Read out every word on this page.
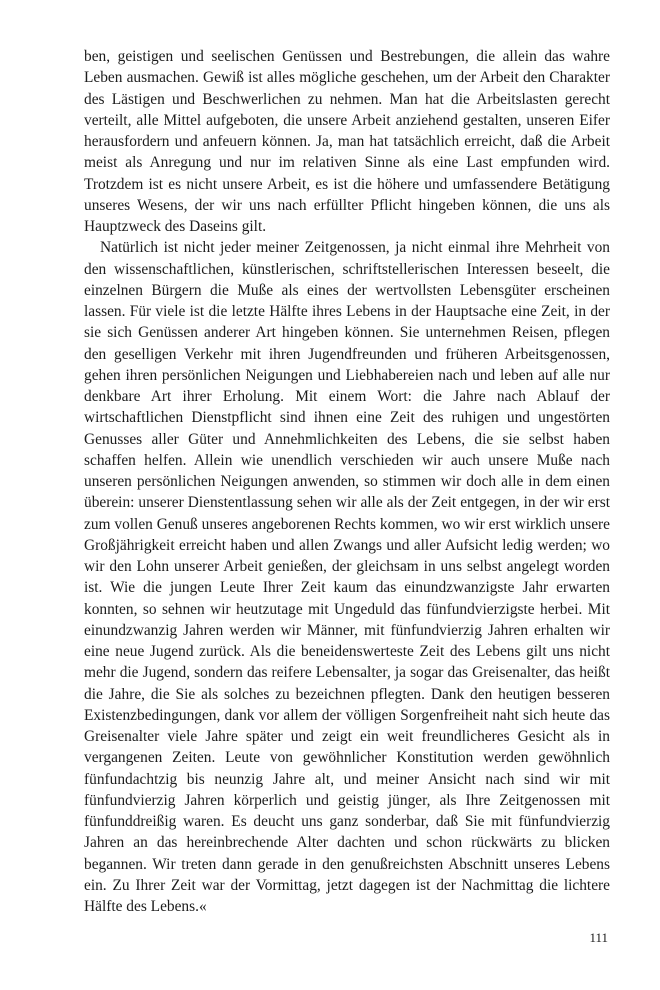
ben, geistigen und seelischen Genüssen und Bestrebungen, die allein das wahre Leben ausmachen. Gewiß ist alles mögliche geschehen, um der Arbeit den Charakter des Lästigen und Beschwerlichen zu nehmen. Man hat die Arbeitslasten gerecht verteilt, alle Mittel aufgeboten, die unsere Arbeit anziehend gestalten, unseren Eifer herausfordern und anfeuern können. Ja, man hat tatsächlich erreicht, daß die Arbeit meist als Anregung und nur im relativen Sinne als eine Last empfunden wird. Trotzdem ist es nicht unsere Arbeit, es ist die höhere und umfassendere Betätigung unseres Wesens, der wir uns nach erfüllter Pflicht hingeben können, die uns als Hauptzweck des Daseins gilt.

Natürlich ist nicht jeder meiner Zeitgenossen, ja nicht einmal ihre Mehrheit von den wissenschaftlichen, künstlerischen, schriftstellerischen Interessen beseelt, die einzelnen Bürgern die Muße als eines der wertvollsten Lebensgüter erscheinen lassen. Für viele ist die letzte Hälfte ihres Lebens in der Hauptsache eine Zeit, in der sie sich Genüssen anderer Art hingeben können. Sie unternehmen Reisen, pflegen den geselligen Verkehr mit ihren Jugendfreunden und früheren Arbeitsgenossen, gehen ihren persönlichen Neigungen und Liebhabereien nach und leben auf alle nur denkbare Art ihrer Erholung. Mit einem Wort: die Jahre nach Ablauf der wirtschaftlichen Dienstpflicht sind ihnen eine Zeit des ruhigen und ungestörten Genusses aller Güter und Annehmlichkeiten des Lebens, die sie selbst haben schaffen helfen. Allein wie unendlich verschieden wir auch unsere Muße nach unseren persönlichen Neigungen anwenden, so stimmen wir doch alle in dem einen überein: unserer Dienstentlassung sehen wir alle als der Zeit entgegen, in der wir erst zum vollen Genuß unseres angeborenen Rechts kommen, wo wir erst wirklich unsere Großjährigkeit erreicht haben und allen Zwangs und aller Aufsicht ledig werden; wo wir den Lohn unserer Arbeit genießen, der gleichsam in uns selbst angelegt worden ist. Wie die jungen Leute Ihrer Zeit kaum das einundzwanzigste Jahr erwarten konnten, so sehnen wir heutzutage mit Ungeduld das fünfundvierzigste herbei. Mit einundzwanzig Jahren werden wir Männer, mit fünfundvierzig Jahren erhalten wir eine neue Jugend zurück. Als die beneidenswerteste Zeit des Lebens gilt uns nicht mehr die Jugend, sondern das reifere Lebensalter, ja sogar das Greisenalter, das heißt die Jahre, die Sie als solches zu bezeichnen pflegten. Dank den heutigen besseren Existenzbedingungen, dank vor allem der völligen Sorgenfreiheit naht sich heute das Greisenalter viele Jahre später und zeigt ein weit freundlicheres Gesicht als in vergangenen Zeiten. Leute von gewöhnlicher Konstitution werden gewöhnlich fünfundachtzig bis neunzig Jahre alt, und meiner Ansicht nach sind wir mit fünfundvierzig Jahren körperlich und geistig jünger, als Ihre Zeitgenossen mit fünfunddreißig waren. Es deucht uns ganz sonderbar, daß Sie mit fünfundvierzig Jahren an das hereinbrechende Alter dachten und schon rückwärts zu blicken begannen. Wir treten dann gerade in den genußreichsten Abschnitt unseres Lebens ein. Zu Ihrer Zeit war der Vormittag, jetzt dagegen ist der Nachmittag die lichtere Hälfte des Lebens.«

111
